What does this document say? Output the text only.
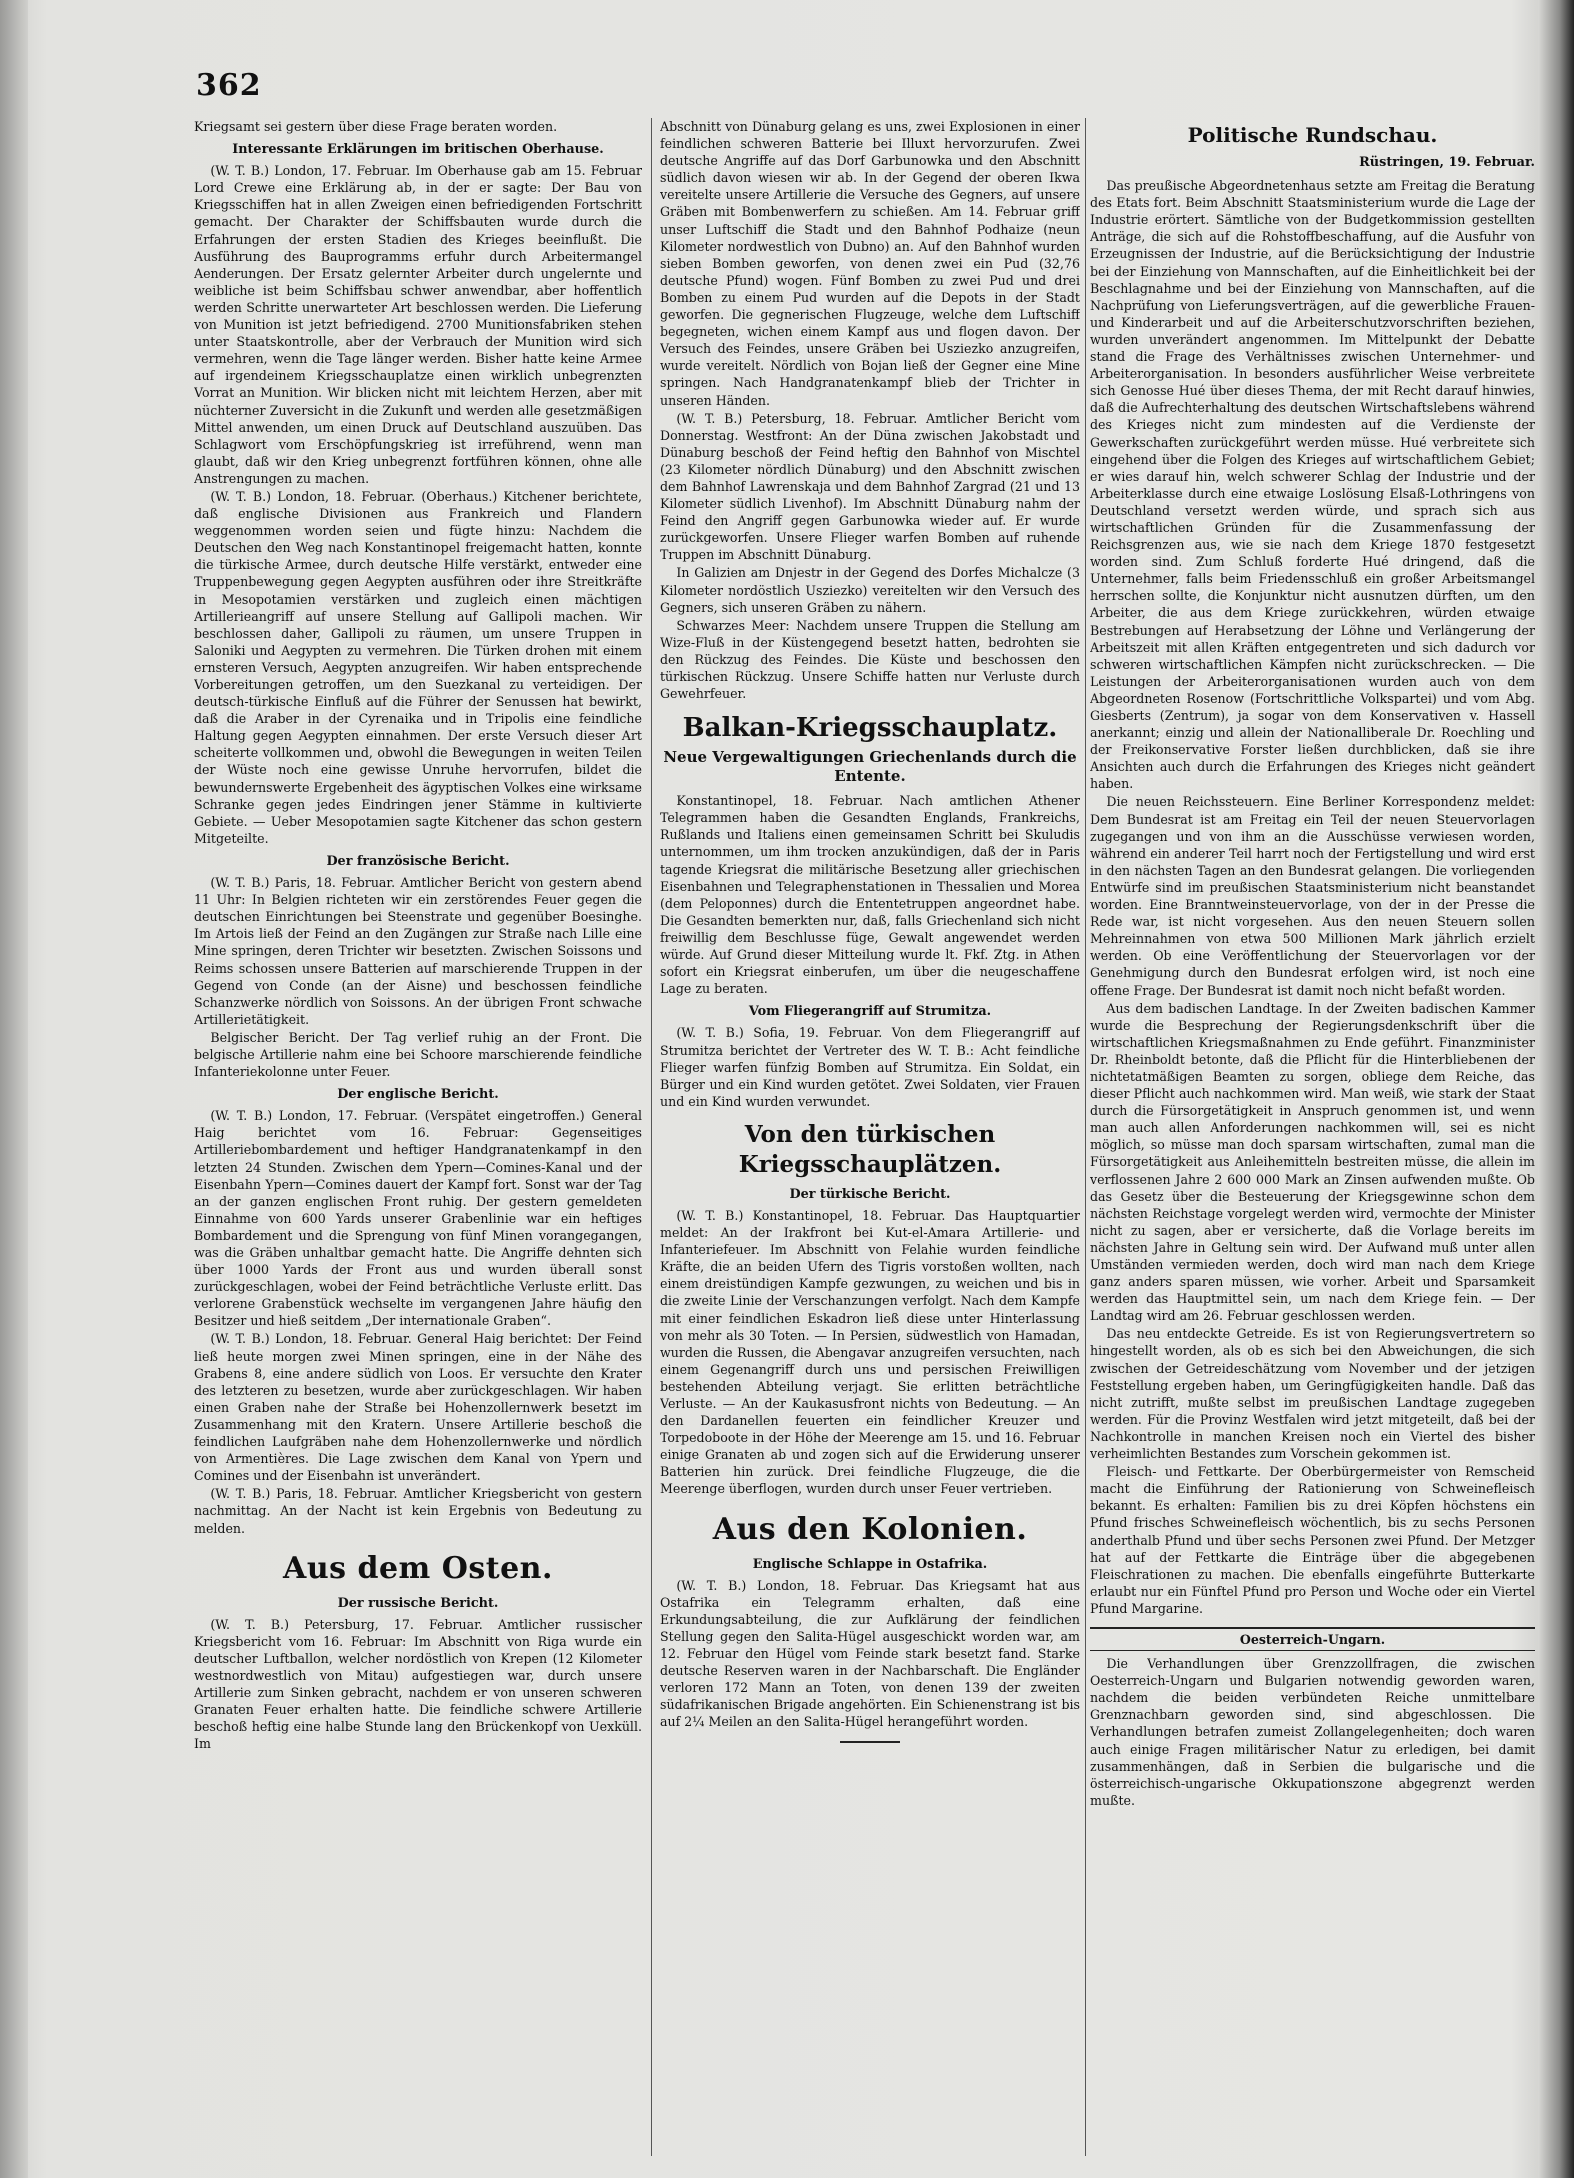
362

Kriegsamt sei gestern über diese Frage beraten worden.

Interessante Erklärungen im britischen Oberhause.

(W. T. B.) London, 17. Februar. Im Oberhause gab am 15. Februar Lord Crewe eine Erklärung ab, in der er sagte: Der Bau von Kriegsschiffen hat in allen Zweigen einen befriedigenden Fortschritt gemacht. Der Charakter der Schiffsbauten wurde durch die Erfahrungen der ersten Stadien des Krieges beeinflußt. Die Ausführung des Bauprogramms erfuhr durch Arbeitermangel Aenderungen. Der Ersatz gelernter Arbeiter durch ungelernte und weibliche ist beim Schiffsbau schwer anwendbar, aber hoffentlich werden Schritte unerwarteter Art beschlossen werden. Die Lieferung von Munition ist jetzt befriedigend. 2700 Munitionsfabriken stehen unter Staatskontrolle, aber der Verbrauch der Munition wird sich vermehren, wenn die Tage länger werden. Bisher hatte keine Armee auf irgendeinem Kriegsschauplatze einen wirklich unbegrenzten Vorrat an Munition. Wir blicken nicht mit leichtem Herzen, aber mit nüchterner Zuversicht in die Zukunft und werden alle gesetzmäßigen Mittel anwenden, um einen Druck auf Deutschland auszuüben. Das Schlagwort vom Erschöpfungskrieg ist irreführend, wenn man glaubt, daß wir den Krieg unbegrenzt fortführen können, ohne alle Anstrengungen zu machen.

(W. T. B.) London, 18. Februar. (Oberhaus.) Kitchener berichtete, daß englische Divisionen aus Frankreich und Flandern weggenommen worden seien und fügte hinzu: Nachdem die Deutschen den Weg nach Konstantinopel freigemacht hatten, konnte die türkische Armee, durch deutsche Hilfe verstärkt, entweder eine Truppenbewegung gegen Aegypten ausführen oder ihre Streitkräfte in Mesopotamien verstärken und zugleich einen mächtigen Artillerieangriff auf unsere Stellung auf Gallipoli machen. Wir beschlossen daher, Gallipoli zu räumen, um unsere Truppen in Saloniki und Aegypten zu vermehren. Die Türken drohen mit einem ernsteren Versuch, Aegypten anzugreifen. Wir haben entsprechende Vorbereitungen getroffen, um den Suezkanal zu verteidigen. Der deutsch-türkische Einfluß auf die Führer der Senussen hat bewirkt, daß die Araber in der Cyrenaika und in Tripolis eine feindliche Haltung gegen Aegypten einnahmen. Der erste Versuch dieser Art scheiterte vollkommen und, obwohl die Bewegungen in weiten Teilen der Wüste noch eine gewisse Unruhe hervorrufen, bildet die bewundernswerte Ergebenheit des ägyptischen Volkes eine wirksame Schranke gegen jedes Eindringen jener Stämme in kultivierte Gebiete. — Ueber Mesopotamien sagte Kitchener das schon gestern Mitgeteilte.

Der französische Bericht.

(W. T. B.) Paris, 18. Februar. Amtlicher Bericht von gestern abend 11 Uhr: In Belgien richteten wir ein zerstörendes Feuer gegen die deutschen Einrichtungen bei Steenstrate und gegenüber Boesinghe. Im Artois ließ der Feind an den Zugängen zur Straße nach Lille eine Mine springen, deren Trichter wir besetzten. Zwischen Soissons und Reims schossen unsere Batterien auf marschierende Truppen in der Gegend von Conde (an der Aisne) und beschossen feindliche Schanzwerke nördlich von Soissons. An der übrigen Front schwache Artillerietätigkeit.

Belgischer Bericht. Der Tag verlief ruhig an der Front. Die belgische Artillerie nahm eine bei Schoore marschierende feindliche Infanteriekolonne unter Feuer.

Der englische Bericht.

(W. T. B.) London, 17. Februar. (Verspätet eingetroffen.) General Haig berichtet vom 16. Februar: Gegenseitiges Artilleriebombardement und heftiger Handgranatenkampf in den letzten 24 Stunden. Zwischen dem Ypern—Comines-Kanal und der Eisenbahn Ypern—Comines dauert der Kampf fort. Sonst war der Tag an der ganzen englischen Front ruhig. Der gestern gemeldeten Einnahme von 600 Yards unserer Grabenlinie war ein heftiges Bombardement und die Sprengung von fünf Minen vorangegangen, was die Gräben unhaltbar gemacht hatte. Die Angriffe dehnten sich über 1000 Yards der Front aus und wurden überall sonst zurückgeschlagen, wobei der Feind beträchtliche Verluste erlitt. Das verlorene Grabenstück wechselte im vergangenen Jahre häufig den Besitzer und hieß seitdem „Der internationale Graben“.

(W. T. B.) London, 18. Februar. General Haig berichtet: Der Feind ließ heute morgen zwei Minen springen, eine in der Nähe des Grabens 8, eine andere südlich von Loos. Er versuchte den Krater des letzteren zu besetzen, wurde aber zurückgeschlagen. Wir haben einen Graben nahe der Straße bei Hohenzollernwerk besetzt im Zusammenhang mit den Kratern. Unsere Artillerie beschoß die feindlichen Laufgräben nahe dem Hohenzollernwerke und nördlich von Armentières. Die Lage zwischen dem Kanal von Ypern und Comines und der Eisenbahn ist unverändert.

(W. T. B.) Paris, 18. Februar. Amtlicher Kriegsbericht von gestern nachmittag. An der Nacht ist kein Ergebnis von Bedeutung zu melden.

Aus dem Osten.
Der russische Bericht.

(W. T. B.) Petersburg, 17. Februar. Amtlicher russischer Kriegsbericht vom 16. Februar: Im Abschnitt von Riga wurde ein deutscher Luftballon, welcher nordöstlich von Krepen (12 Kilometer westnordwestlich von Mitau) aufgestiegen war, durch unsere Artillerie zum Sinken gebracht, nachdem er von unseren schweren Granaten Feuer erhalten hatte. Die feindliche schwere Artillerie beschoß heftig eine halbe Stunde lang den Brückenkopf von Uexküll. Im

Abschnitt von Dünaburg gelang es uns, zwei Explosionen in einer feindlichen schweren Batterie bei Illuxt hervorzurufen. Zwei deutsche Angriffe auf das Dorf Garbunowka und den Abschnitt südlich davon wiesen wir ab. In der Gegend der oberen Ikwa vereitelte unsere Artillerie die Versuche des Gegners, auf unsere Gräben mit Bombenwerfern zu schießen. Am 14. Februar griff unser Luftschiff die Stadt und den Bahnhof Podhaize (neun Kilometer nordwestlich von Dubno) an. Auf den Bahnhof wurden sieben Bomben geworfen, von denen zwei ein Pud (32,76 deutsche Pfund) wogen. Fünf Bomben zu zwei Pud und drei Bomben zu einem Pud wurden auf die Depots in der Stadt geworfen. Die gegnerischen Flugzeuge, welche dem Luftschiff begegneten, wichen einem Kampf aus und flogen davon. Der Versuch des Feindes, unsere Gräben bei Usziezko anzugreifen, wurde vereitelt. Nördlich von Bojan ließ der Gegner eine Mine springen. Nach Handgranatenkampf blieb der Trichter in unseren Händen.

(W. T. B.) Petersburg, 18. Februar. Amtlicher Bericht vom Donnerstag. Westfront: An der Düna zwischen Jakobstadt und Dünaburg beschoß der Feind heftig den Bahnhof von Mischtel (23 Kilometer nördlich Dünaburg) und den Abschnitt zwischen dem Bahnhof Lawrenskaja und dem Bahnhof Zargrad (21 und 13 Kilometer südlich Livenhof). Im Abschnitt Dünaburg nahm der Feind den Angriff gegen Garbunowka wieder auf. Er wurde zurückgeworfen. Unsere Flieger warfen Bomben auf ruhende Truppen im Abschnitt Dünaburg.

In Galizien am Dnjestr in der Gegend des Dorfes Michalcze (3 Kilometer nordöstlich Usziezko) vereitelten wir den Versuch des Gegners, sich unseren Gräben zu nähern.

Schwarzes Meer: Nachdem unsere Truppen die Stellung am Wize-Fluß in der Küstengegend besetzt hatten, bedrohten sie den Rückzug des Feindes. Die Küste und beschossen den türkischen Rückzug. Unsere Schiffe hatten nur Verluste durch Gewehrfeuer.

Balkan-Kriegsschauplatz.
Neue Vergewaltigungen Griechenlands durch die Entente.

Konstantinopel, 18. Februar. Nach amtlichen Athener Telegrammen haben die Gesandten Englands, Frankreichs, Rußlands und Italiens einen gemeinsamen Schritt bei Skuludis unternommen, um ihm trocken anzukündigen, daß der in Paris tagende Kriegsrat die militärische Besetzung aller griechischen Eisenbahnen und Telegraphenstationen in Thessalien und Morea (dem Peloponnes) durch die Ententetruppen angeordnet habe. Die Gesandten bemerkten nur, daß, falls Griechenland sich nicht freiwillig dem Beschlusse füge, Gewalt angewendet werden würde. Auf Grund dieser Mitteilung wurde lt. Fkf. Ztg. in Athen sofort ein Kriegsrat einberufen, um über die neugeschaffene Lage zu beraten.

Vom Fliegerangriff auf Strumitza.

(W. T. B.) Sofia, 19. Februar. Von dem Fliegerangriff auf Strumitza berichtet der Vertreter des W. T. B.: Acht feindliche Flieger warfen fünfzig Bomben auf Strumitza. Ein Soldat, ein Bürger und ein Kind wurden getötet. Zwei Soldaten, vier Frauen und ein Kind wurden verwundet.

Von den türkischen Kriegsschauplätzen.
Der türkische Bericht.

(W. T. B.) Konstantinopel, 18. Februar. Das Hauptquartier meldet: An der Irakfront bei Kut-el-Amara Artillerie- und Infanteriefeuer. Im Abschnitt von Felahie wurden feindliche Kräfte, die an beiden Ufern des Tigris vorstoßen wollten, nach einem dreistündigen Kampfe gezwungen, zu weichen und bis in die zweite Linie der Verschanzungen verfolgt. Nach dem Kampfe mit einer feindlichen Eskadron ließ diese unter Hinterlassung von mehr als 30 Toten. — In Persien, südwestlich von Hamadan, wurden die Russen, die Abengavar anzugreifen versuchten, nach einem Gegenangriff durch uns und persischen Freiwilligen bestehenden Abteilung verjagt. Sie erlitten beträchtliche Verluste. — An der Kaukasusfront nichts von Bedeutung. — An den Dardanellen feuerten ein feindlicher Kreuzer und Torpedoboote in der Höhe der Meerenge am 15. und 16. Februar einige Granaten ab und zogen sich auf die Erwiderung unserer Batterien hin zurück. Drei feindliche Flugzeuge, die die Meerenge überflogen, wurden durch unser Feuer vertrieben.

Aus den Kolonien.
Englische Schlappe in Ostafrika.

(W. T. B.) London, 18. Februar. Das Kriegsamt hat aus Ostafrika ein Telegramm erhalten, daß eine Erkundungsabteilung, die zur Aufklärung der feindlichen Stellung gegen den Salita-Hügel ausgeschickt worden war, am 12. Februar den Hügel vom Feinde stark besetzt fand. Starke deutsche Reserven waren in der Nachbarschaft. Die Engländer verloren 172 Mann an Toten, von denen 139 der zweiten südafrikanischen Brigade angehörten. Ein Schienenstrang ist bis auf 2¼ Meilen an den Salita-Hügel herangeführt worden.

Politische Rundschau.
Rüstringen, 19. Februar.

Das preußische Abgeordnetenhaus setzte am Freitag die Beratung des Etats fort. Beim Abschnitt Staatsministerium wurde die Lage der Industrie erörtert. Sämtliche von der Budgetkommission gestellten Anträge, die sich auf die Rohstoffbeschaffung, auf die Ausfuhr von Erzeugnissen der Industrie, auf die Berücksichtigung der Industrie bei der Einziehung von Mannschaften, auf die Einheitlichkeit bei der Beschlagnahme und bei der Einziehung von Mannschaften, auf die Nachprüfung von Lieferungsverträgen, auf die gewerbliche Frauen- und Kinderarbeit und auf die Arbeiterschutzvorschriften beziehen, wurden unverändert angenommen. Im Mittelpunkt der Debatte stand die Frage des Verhältnisses zwischen Unternehmer- und Arbeiterorganisation. In besonders ausführlicher Weise verbreitete sich Genosse Hué über dieses Thema, der mit Recht darauf hinwies, daß die Aufrechterhaltung des deutschen Wirtschaftslebens während des Krieges nicht zum mindesten auf die Verdienste der Gewerkschaften zurückgeführt werden müsse. Hué verbreitete sich eingehend über die Folgen des Krieges auf wirtschaftlichem Gebiet; er wies darauf hin, welch schwerer Schlag der Industrie und der Arbeiterklasse durch eine etwaige Loslösung Elsaß-Lothringens von Deutschland versetzt werden würde, und sprach sich aus wirtschaftlichen Gründen für die Zusammenfassung der Reichsgrenzen aus, wie sie nach dem Kriege 1870 festgesetzt worden sind. Zum Schluß forderte Hué dringend, daß die Unternehmer, falls beim Friedensschluß ein großer Arbeitsmangel herrschen sollte, die Konjunktur nicht ausnutzen dürften, um den Arbeiter, die aus dem Kriege zurückkehren, würden etwaige Bestrebungen auf Herabsetzung der Löhne und Verlängerung der Arbeitszeit mit allen Kräften entgegentreten und sich dadurch vor schweren wirtschaftlichen Kämpfen nicht zurückschrecken. — Die Leistungen der Arbeiterorganisationen wurden auch von dem Abgeordneten Rosenow (Fortschrittliche Volkspartei) und vom Abg. Giesberts (Zentrum), ja sogar von dem Konservativen v. Hassell anerkannt; einzig und allein der Nationalliberale Dr. Roechling und der Freikonservative Forster ließen durchblicken, daß sie ihre Ansichten auch durch die Erfahrungen des Krieges nicht geändert haben.

Die neuen Reichssteuern. Eine Berliner Korrespondenz meldet: Dem Bundesrat ist am Freitag ein Teil der neuen Steuervorlagen zugegangen und von ihm an die Ausschüsse verwiesen worden, während ein anderer Teil harrt noch der Fertigstellung und wird erst in den nächsten Tagen an den Bundesrat gelangen. Die vorliegenden Entwürfe sind im preußischen Staatsministerium nicht beanstandet worden. Eine Branntweinsteuervorlage, von der in der Presse die Rede war, ist nicht vorgesehen. Aus den neuen Steuern sollen Mehreinnahmen von etwa 500 Millionen Mark jährlich erzielt werden. Ob eine Veröffentlichung der Steuervorlagen vor der Genehmigung durch den Bundesrat erfolgen wird, ist noch eine offene Frage. Der Bundesrat ist damit noch nicht befaßt worden.

Aus dem badischen Landtage. In der Zweiten badischen Kammer wurde die Besprechung der Regierungsdenkschrift über die wirtschaftlichen Kriegsmaßnahmen zu Ende geführt. Finanzminister Dr. Rheinboldt betonte, daß die Pflicht für die Hinterbliebenen der nichtetatmäßigen Beamten zu sorgen, obliege dem Reiche, das dieser Pflicht auch nachkommen wird. Man weiß, wie stark der Staat durch die Fürsorgetätigkeit in Anspruch genommen ist, und wenn man auch allen Anforderungen nachkommen will, sei es nicht möglich, so müsse man doch sparsam wirtschaften, zumal man die Fürsorgetätigkeit aus Anleihemitteln bestreiten müsse, die allein im verflossenen Jahre 2 600 000 Mark an Zinsen aufwenden mußte. Ob das Gesetz über die Besteuerung der Kriegsgewinne schon dem nächsten Reichstage vorgelegt werden wird, vermochte der Minister nicht zu sagen, aber er versicherte, daß die Vorlage bereits im nächsten Jahre in Geltung sein wird. Der Aufwand muß unter allen Umständen vermieden werden, doch wird man nach dem Kriege ganz anders sparen müssen, wie vorher. Arbeit und Sparsamkeit werden das Hauptmittel sein, um nach dem Kriege fein. — Der Landtag wird am 26. Februar geschlossen werden.

Das neu entdeckte Getreide. Es ist von Regierungsvertretern so hingestellt worden, als ob es sich bei den Abweichungen, die sich zwischen der Getreideschätzung vom November und der jetzigen Feststellung ergeben haben, um Geringfügigkeiten handle. Daß das nicht zutrifft, mußte selbst im preußischen Landtage zugegeben werden. Für die Provinz Westfalen wird jetzt mitgeteilt, daß bei der Nachkontrolle in manchen Kreisen noch ein Viertel des bisher verheimlichten Bestandes zum Vorschein gekommen ist.

Fleisch- und Fettkarte. Der Oberbürgermeister von Remscheid macht die Einführung der Rationierung von Schweinefleisch bekannt. Es erhalten: Familien bis zu drei Köpfen höchstens ein Pfund frisches Schweinefleisch wöchentlich, bis zu sechs Personen anderthalb Pfund und über sechs Personen zwei Pfund. Der Metzger hat auf der Fettkarte die Einträge über die abgegebenen Fleischrationen zu machen. Die ebenfalls eingeführte Butterkarte erlaubt nur ein Fünftel Pfund pro Person und Woche oder ein Viertel Pfund Margarine.

Oesterreich-Ungarn.

Die Verhandlungen über Grenzzollfragen, die zwischen Oesterreich-Ungarn und Bulgarien notwendig geworden waren, nachdem die beiden verbündeten Reiche unmittelbare Grenznachbarn geworden sind, sind abgeschlossen. Die Verhandlungen betrafen zumeist Zollangelegenheiten; doch waren auch einige Fragen militärischer Natur zu erledigen, bei damit zusammenhängen, daß in Serbien die bulgarische und die österreichisch-ungarische Okkupationszone abgegrenzt werden mußte.
